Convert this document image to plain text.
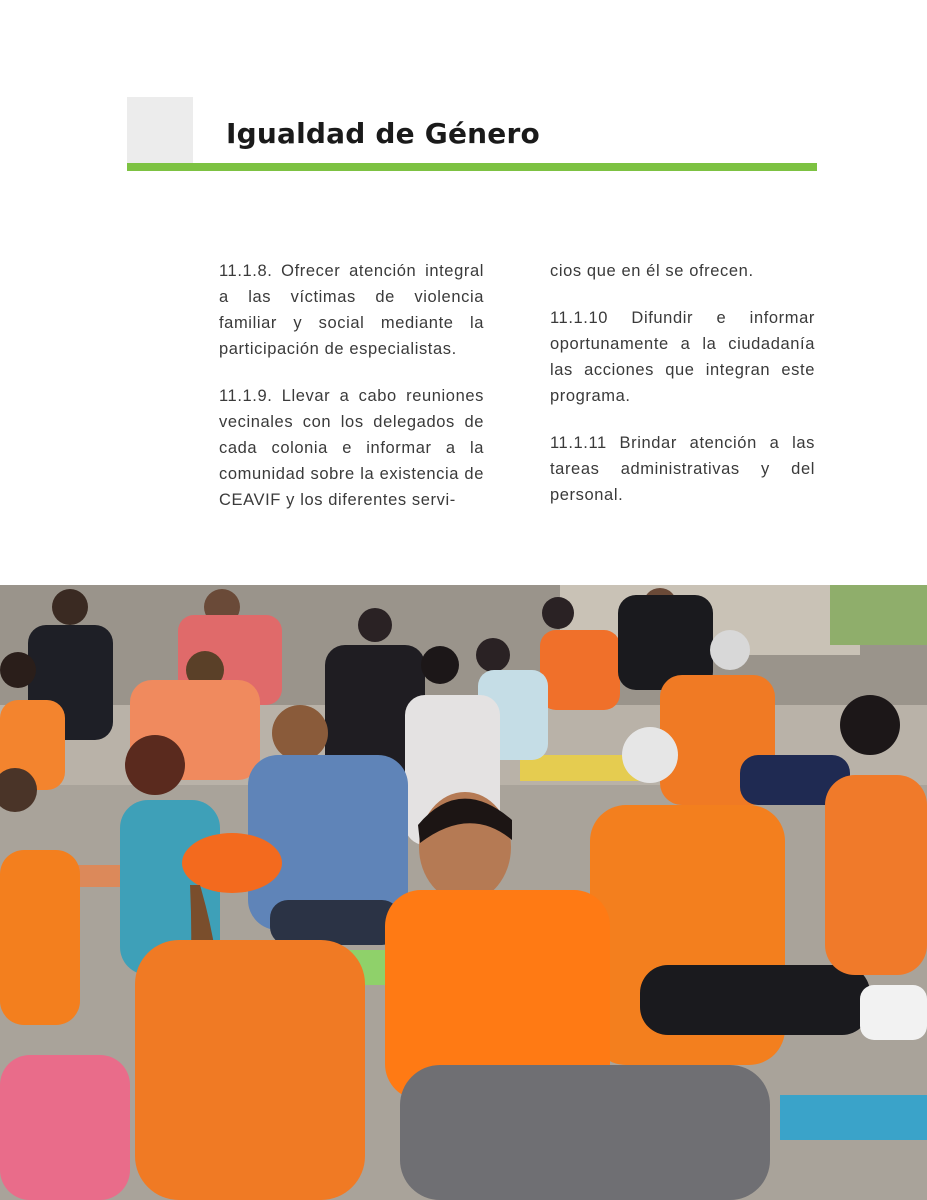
Igualdad de Género

11.1.8. Ofrecer atención integral a las víctimas de violencia familiar y social mediante la participación de especialistas.

11.1.9. Llevar a cabo reuniones vecinales con los delegados de cada colonia e informar a la comunidad sobre la existencia de CEAVIF y los diferentes servi-

cios que en él se ofrecen.

11.1.10 Difundir e informar oportunamente a la ciudadanía las acciones que integran este programa.

11.1.11 Brindar atención a las tareas administrativas y del personal.
